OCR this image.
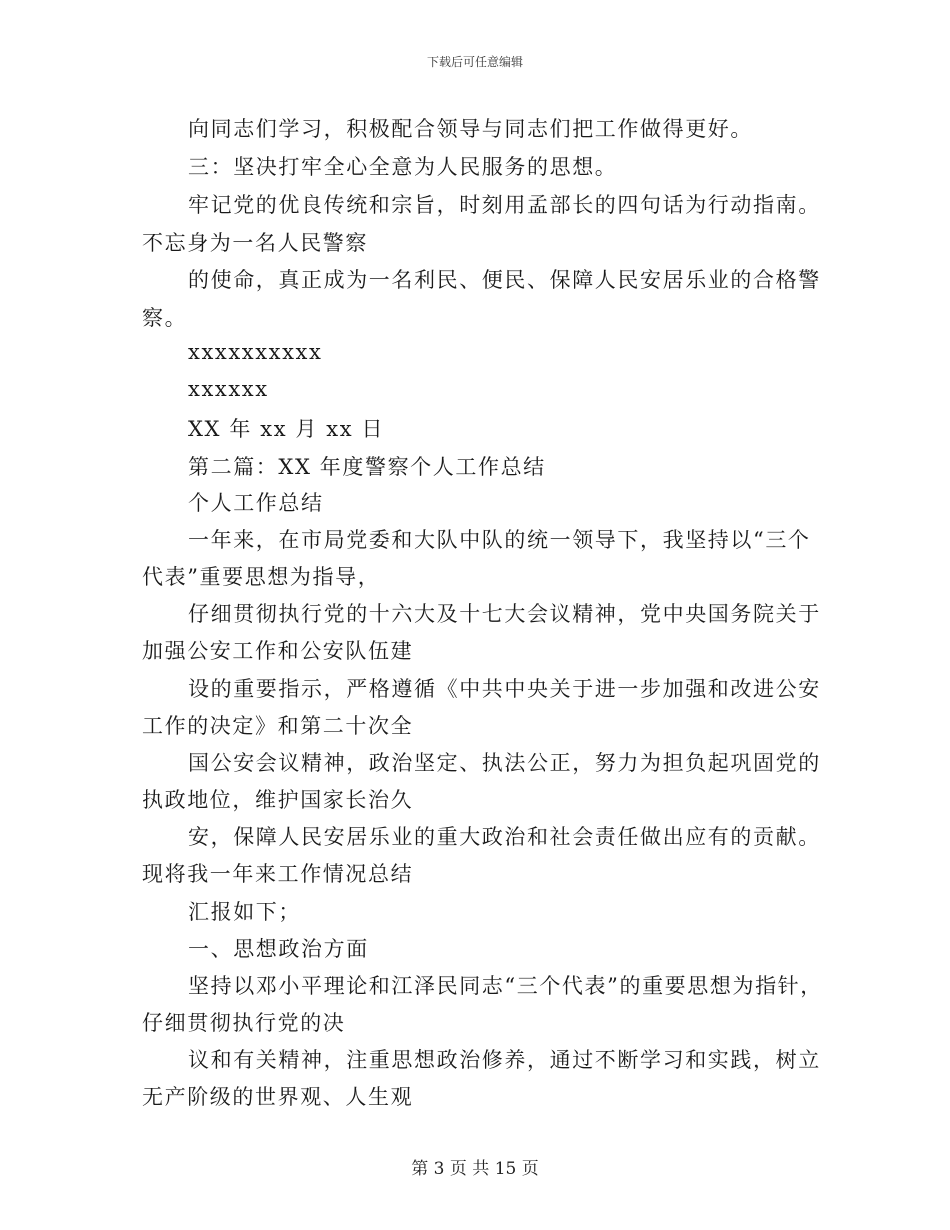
下载后可任意编辑
向同志们学习，积极配合领导与同志们把工作做得更好。
三：坚决打牢全心全意为人民服务的思想。
牢记党的优良传统和宗旨，时刻用孟部长的四句话为行动指南。
不忘身为一名人民警察
的使命，真正成为一名利民、便民、保障人民安居乐业的合格警
察。
xxxxxxxxxx
xxxxxx
XX 年 xx 月 xx 日
第二篇：XX 年度警察个人工作总结
个人工作总结
一年来，在市局党委和大队中队的统一领导下，我坚持以“三个
代表”重要思想为指导，
仔细贯彻执行党的十六大及十七大会议精神，党中央国务院关于
加强公安工作和公安队伍建
设的重要指示，严格遵循《中共中央关于进一步加强和改进公安
工作的决定》和第二十次全
国公安会议精神，政治坚定、执法公正，努力为担负起巩固党的
执政地位，维护国家长治久
安，保障人民安居乐业的重大政治和社会责任做出应有的贡献。
现将我一年来工作情况总结
汇报如下；
一、思想政治方面
坚持以邓小平理论和江泽民同志“三个代表”的重要思想为指针，
仔细贯彻执行党的决
议和有关精神，注重思想政治修养，通过不断学习和实践，树立
无产阶级的世界观、人生观
第 3 页 共 15 页
